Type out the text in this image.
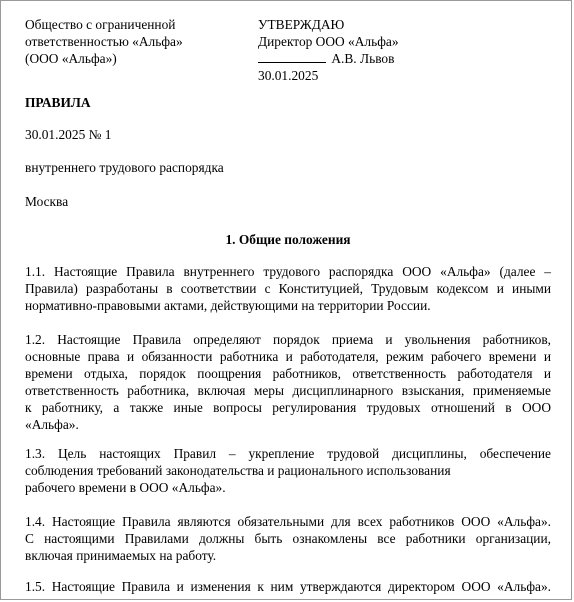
Общество с ограниченной
ответственностью «Альфа»
(ООО «Альфа»)
УТВЕРЖДАЮ
Директор ООО «Альфа»
А.В. Львов
30.01.2025
ПРАВИЛА
30.01.2025 № 1
внутреннего трудового распорядка
Москва
1. Общие положения
1.1. Настоящие Правила внутреннего трудового распорядка ООО «Альфа» (далее –
Правила) разработаны в соответствии с Конституцией, Трудовым кодексом и иными
нормативно-правовыми актами, действующими на территории России.
1.2. Настоящие Правила определяют порядок приема и увольнения работников,
основные права и обязанности работника и работодателя, режим рабочего времени и
времени отдыха, порядок поощрения работников, ответственность работодателя и
ответственность работника, включая меры дисциплинарного взыскания, применяемые
к работнику, а также иные вопросы регулирования трудовых отношений в ООО
«Альфа».
1.3. Цель настоящих Правил – укрепление трудовой дисциплины, обеспечение
соблюдения требований законодательства и рационального использования
рабочего времени в ООО «Альфа».
1.4. Настоящие Правила являются обязательными для всех работников ООО «Альфа».
С настоящими Правилами должны быть ознакомлены все работники организации,
включая принимаемых на работу.
1.5. Настоящие Правила и изменения к ним утверждаются директором ООО «Альфа».
